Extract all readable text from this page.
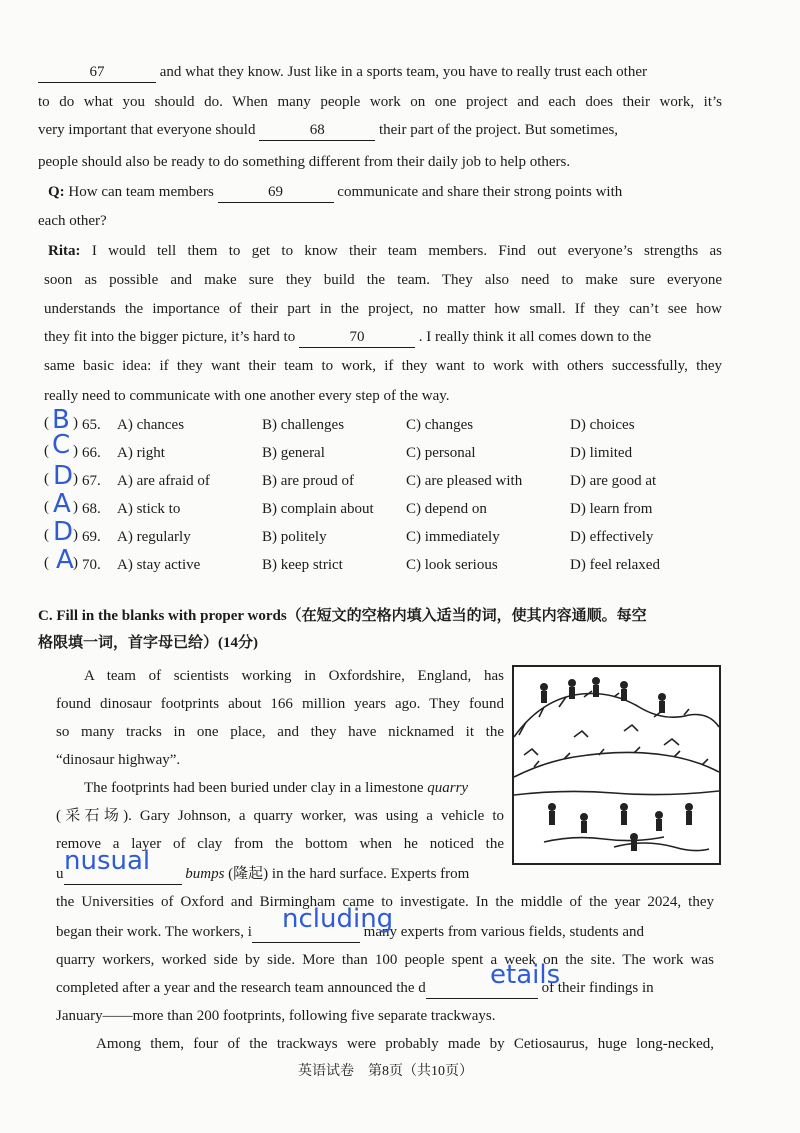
67	and what they know. Just like in a sports team, you have to really trust each other
to do what you should do. When many people work on one project and each does their work, it’s
very important that everyone should	68	their part of the project. But sometimes,
people should also be ready to do something different from their daily job to help others.
Q: How can team members	69	communicate and share their strong points with
each other?
Rita: I would tell them to get to know their team members. Find out everyone’s strengths as
soon as possible and make sure they build the team. They also need to make sure everyone
understands the importance of their part in the project, no matter how small. If they can’t see how
they fit into the bigger picture, it’s hard to	70	. I really think it all comes down to the
same basic idea: if they want their team to work, if they want to work with others successfully, they
really need to communicate with one another every step of the way.
( B ) 65. A) chances	B) challenges	C) changes	D) choices
( C ) 66. A) right	B) general	C) personal	D) limited
( D ) 67. A) are afraid of	B) are proud of	C) are pleased with	D) are good at
( A ) 68. A) stick to	B) complain about C) depend on	D) learn from
( D ) 69. A) regularly	B) politely	C) immediately	D) effectively
( A ) 70. A) stay active	B) keep strict	C) look serious	D) feel relaxed
C. Fill in the blanks with proper words（在短文的空格内填入适当的词，使其内容通顺。每空
格限填一词，首字母已给）(14分)
A team of scientists working in Oxfordshire, England, has
found dinosaur footprints about 166 million years ago. They found
so many tracks in one place, and they have nicknamed it the
“dinosaur highway”.
The footprints had been buried under clay in a limestone quarry
(采石场). Gary Johnson, a quarry worker, was using a vehicle to
remove a layer of clay from the bottom when he noticed the
u	bumps (隆起) in the hard surface. Experts from
nusual
the Universities of Oxford and Birmingham came to investigate. In the middle of the year 2024, they
began their work. The workers, i	many experts from various fields, students and
ncluding
quarry workers, worked side by side. More than 100 people spent a week on the site. The work was
completed after a year and the research team announced the d	of their findings in
etails
January——more than 200 footprints, following five separate trackways.
Among them, four of the trackways were probably made by Cetiosaurus, huge long-necked,
英语试卷　第8页（共10页）
